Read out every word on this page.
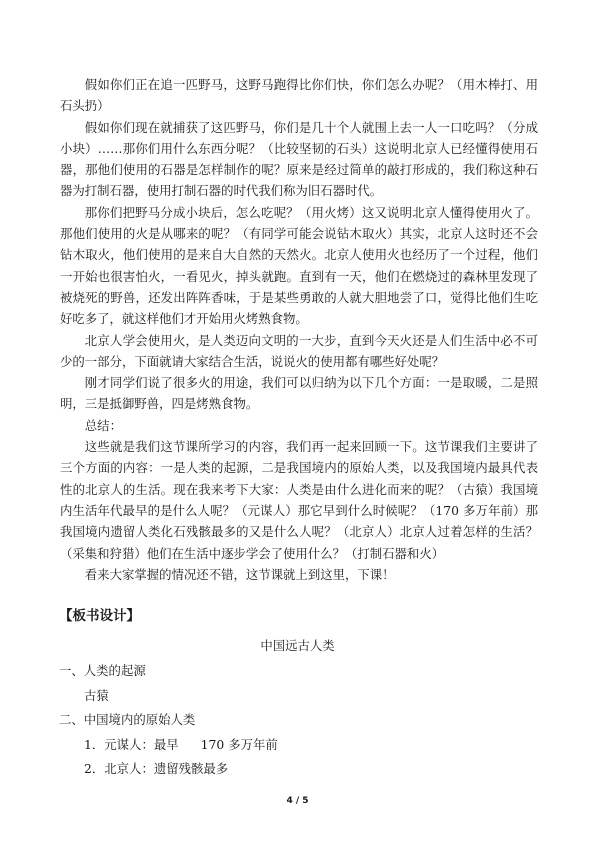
假如你们正在追一匹野马，这野马跑得比你们快，你们怎么办呢？（用木棒打、用石头扔）

假如你们现在就捕获了这匹野马，你们是几十个人就围上去一人一口吃吗？（分成小块）……那你们用什么东西分呢？（比较坚韧的石头）这说明北京人已经懂得使用石器，那他们使用的石器是怎样制作的呢？原来是经过简单的敲打形成的，我们称这种石器为打制石器，使用打制石器的时代我们称为旧石器时代。

那你们把野马分成小块后，怎么吃呢？（用火烤）这又说明北京人懂得使用火了。那他们使用的火是从哪来的呢？（有同学可能会说钻木取火）其实，北京人这时还不会钻木取火，他们使用的是来自大自然的天然火。北京人使用火也经历了一个过程，他们一开始也很害怕火，一看见火，掉头就跑。直到有一天，他们在燃烧过的森林里发现了被烧死的野兽，还发出阵阵香味，于是某些勇敢的人就大胆地尝了口，觉得比他们生吃好吃多了，就这样他们才开始用火烤熟食物。

北京人学会使用火，是人类迈向文明的一大步，直到今天火还是人们生活中必不可少的一部分，下面就请大家结合生活，说说火的使用都有哪些好处呢？

刚才同学们说了很多火的用途，我们可以归纳为以下几个方面：一是取暖，二是照明，三是抵御野兽，四是烤熟食物。

总结：

这些就是我们这节课所学习的内容，我们再一起来回顾一下。这节课我们主要讲了三个方面的内容：一是人类的起源，二是我国境内的原始人类，以及我国境内最具代表性的北京人的生活。现在我来考下大家：人类是由什么进化而来的呢？（古猿）我国境内生活年代最早的是什么人呢？（元谋人）那它早到什么时候呢？（170 多万年前）那我国境内遗留人类化石残骸最多的又是什么人呢？（北京人）北京人过着怎样的生活？（采集和狩猎）他们在生活中逐步学会了使用什么？（打制石器和火）

看来大家掌握的情况还不错，这节课就上到这里，下课！

【板书设计】

中国远古人类

一、人类的起源

古猿

二、中国境内的原始人类

1．元谋人：最早 170 多万年前

2．北京人：遗留残骸最多

4 / 5
